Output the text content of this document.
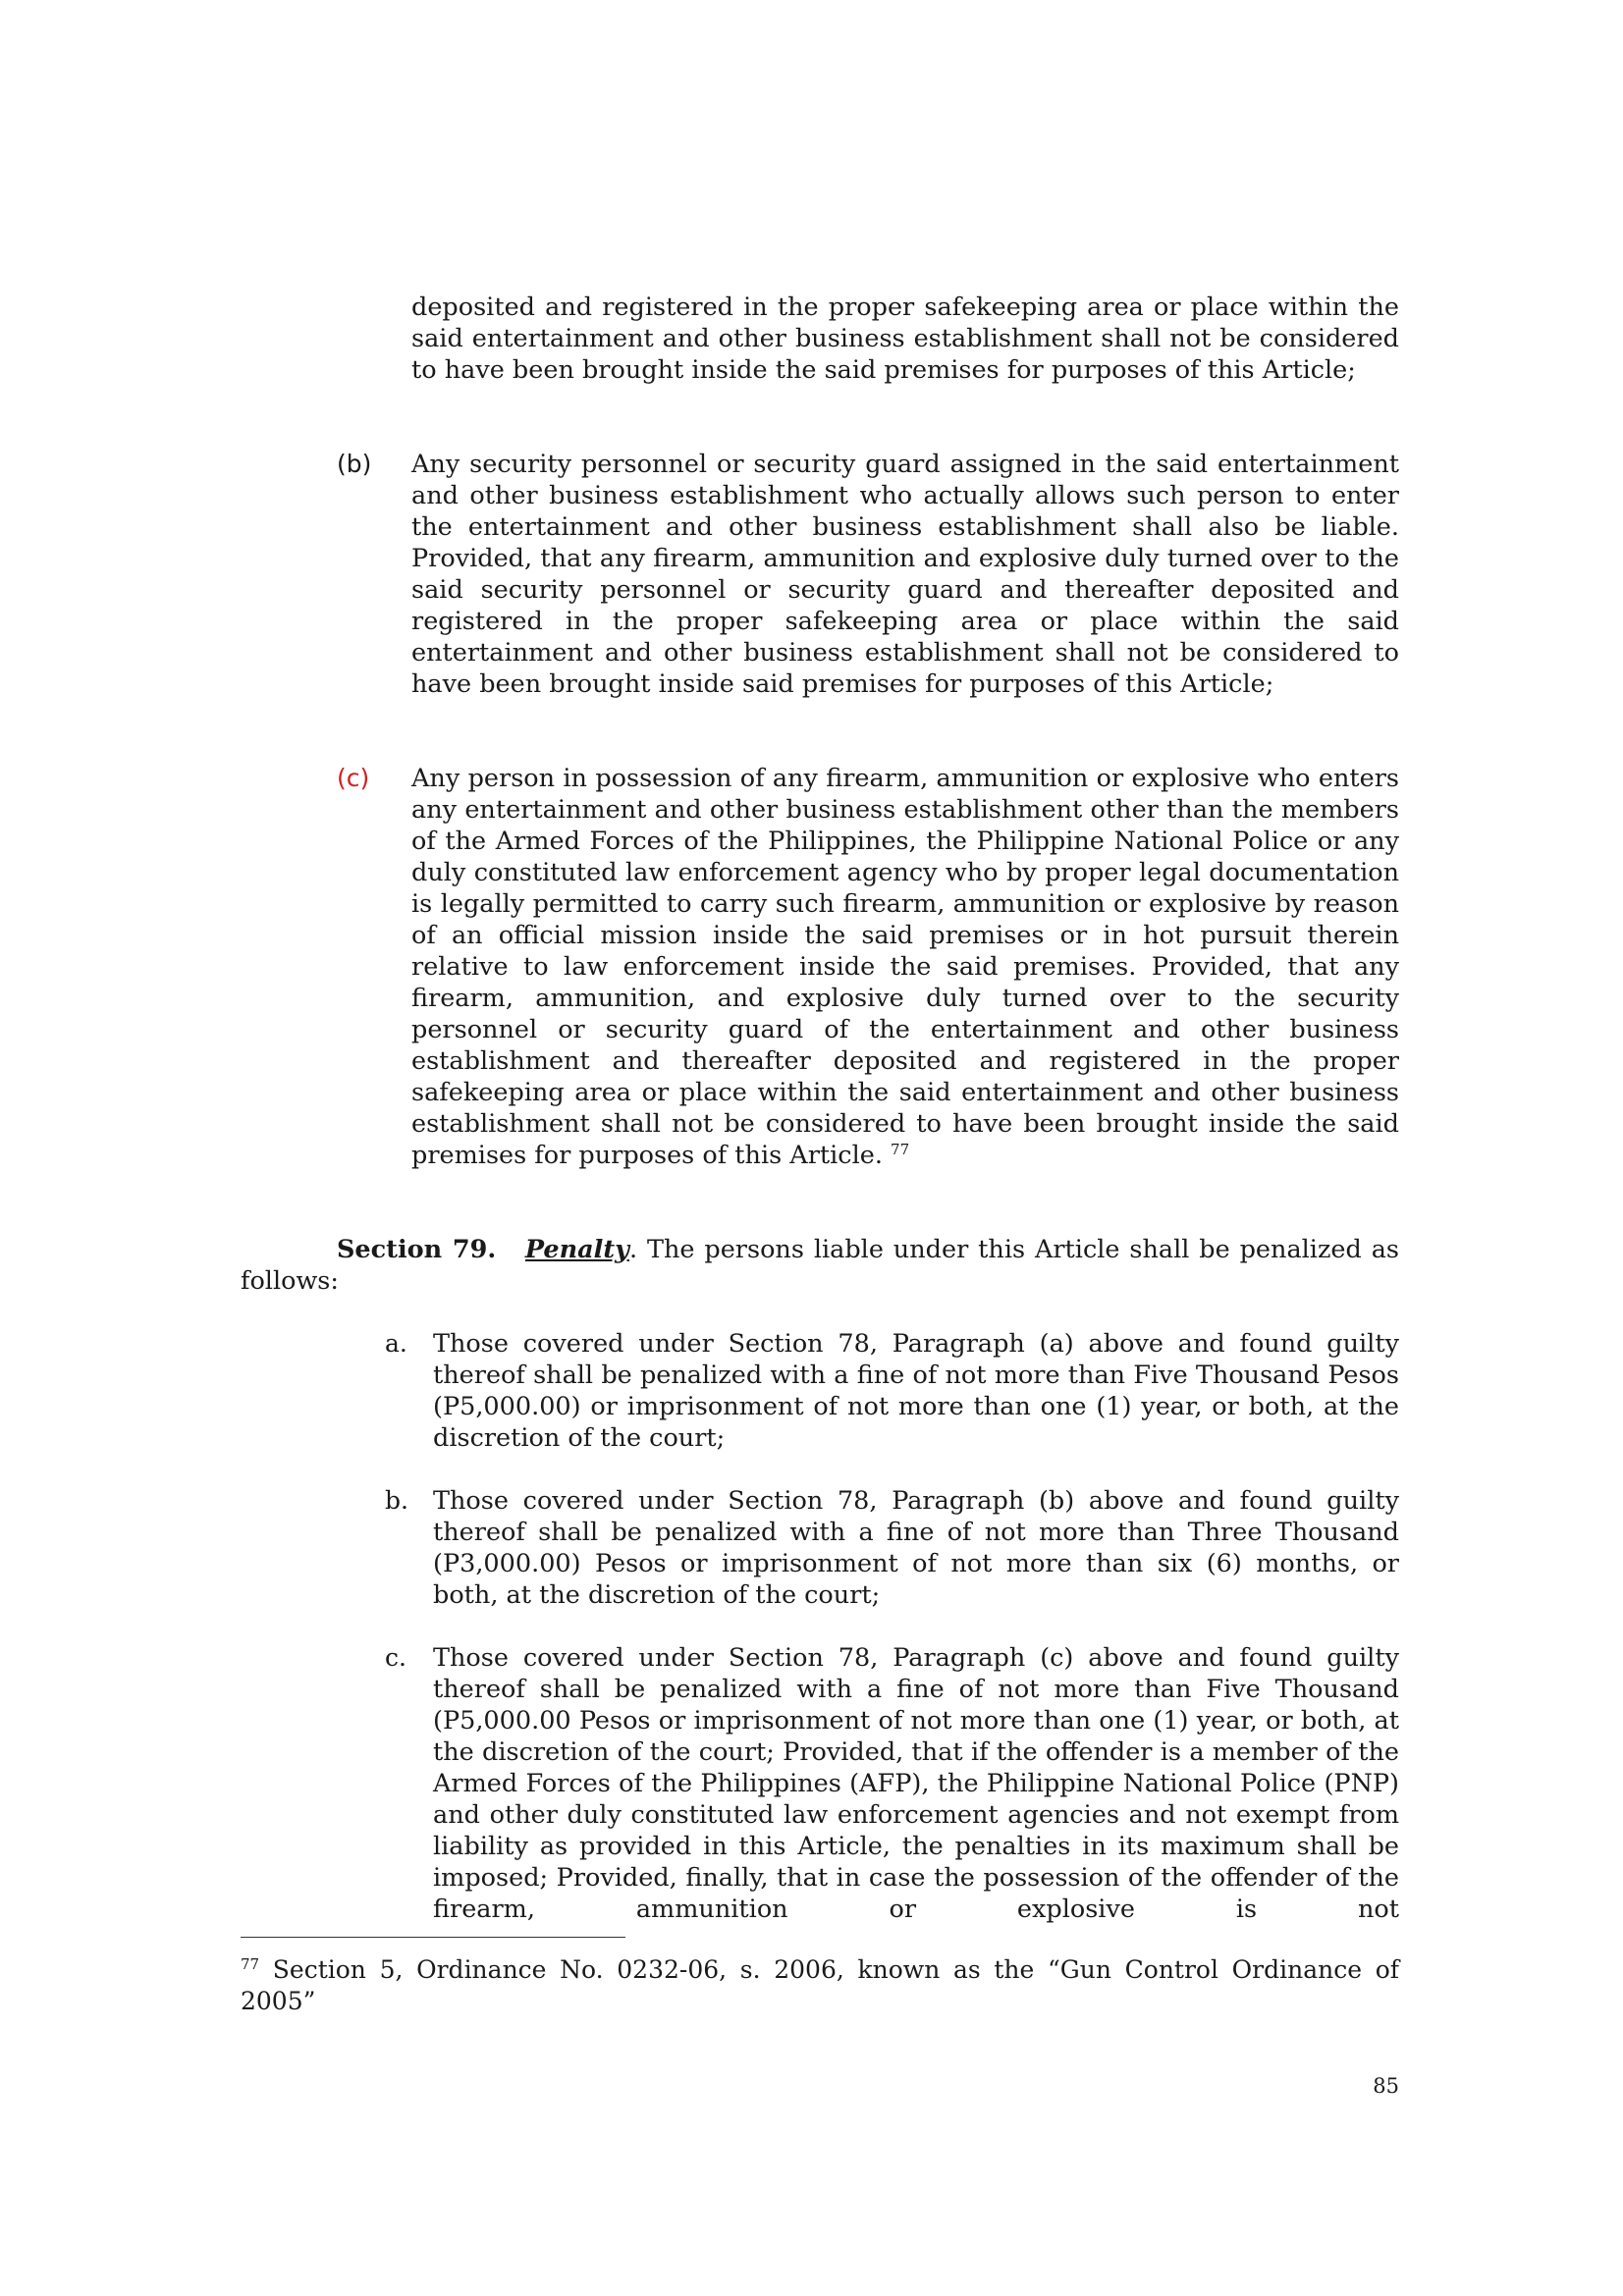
deposited and registered in the proper safekeeping area or place within the said entertainment and other business establishment shall not be considered to have been brought inside the said premises for purposes of this Article;
(b) Any security personnel or security guard assigned in the said entertainment and other business establishment who actually allows such person to enter the entertainment and other business establishment shall also be liable. Provided, that any firearm, ammunition and explosive duly turned over to the said security personnel or security guard and thereafter deposited and registered in the proper safekeeping area or place within the said entertainment and other business establishment shall not be considered to have been brought inside said premises for purposes of this Article;
(c) Any person in possession of any firearm, ammunition or explosive who enters any entertainment and other business establishment other than the members of the Armed Forces of the Philippines, the Philippine National Police or any duly constituted law enforcement agency who by proper legal documentation is legally permitted to carry such firearm, ammunition or explosive by reason of an official mission inside the said premises or in hot pursuit therein relative to law enforcement inside the said premises. Provided, that any firearm, ammunition, and explosive duly turned over to the security personnel or security guard of the entertainment and other business establishment and thereafter deposited and registered in the proper safekeeping area or place within the said entertainment and other business establishment shall not be considered to have been brought inside the said premises for purposes of this Article. $^{77}$
Section 79. Penalty. The persons liable under this Article shall be penalized as follows:
a. Those covered under Section 78, Paragraph (a) above and found guilty thereof shall be penalized with a fine of not more than Five Thousand Pesos (P5,000.00) or imprisonment of not more than one (1) year, or both, at the discretion of the court;
b. Those covered under Section 78, Paragraph (b) above and found guilty thereof shall be penalized with a fine of not more than Three Thousand (P3,000.00) Pesos or imprisonment of not more than six (6) months, or both, at the discretion of the court;
c. Those covered under Section 78, Paragraph (c) above and found guilty thereof shall be penalized with a fine of not more than Five Thousand (P5,000.00 Pesos or imprisonment of not more than one (1) year, or both, at the discretion of the court; Provided, that if the offender is a member of the Armed Forces of the Philippines (AFP), the Philippine National Police (PNP) and other duly constituted law enforcement agencies and not exempt from liability as provided in this Article, the penalties in its maximum shall be imposed; Provided, finally, that in case the possession of the offender of the firearm, ammunition or explosive is not
$^{77}$ Section 5, Ordinance No. 0232-06, s. 2006, known as the “Gun Control Ordinance of 2005”
85
